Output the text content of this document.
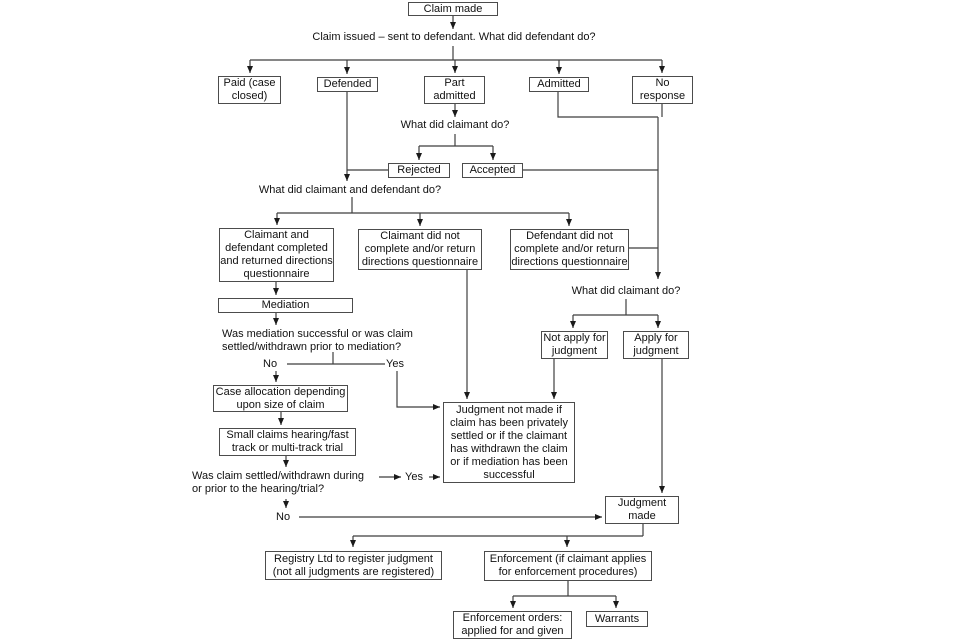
Claim made
Paid (case
closed)
Defended	Part
admitted
Admitted	No
response
Rejected	Accepted
Claimant and
defendant completed
and returned directions
questionnaire
Claimant did not
complete and/or return
directions questionnaire
Defendant did not
complete and/or return
directions questionnaire
Mediation
Case allocation depending
upon size of claim
Small claims hearing/fast
track or multi-track trial
Not apply for
judgment
Apply for
judgment
Judgment not made if
claim has been privately
settled or if the claimant
has withdrawn the claim
or if mediation has been
successful
Judgment
made
Registry Ltd to register judgment
(not all judgments are registered)
Enforcement (if claimant applies
for enforcement procedures)
Enforcement orders:
applied for and given
Warrants
Claim issued – sent to defendant. What did defendant do?
What did claimant do?
What did claimant and defendant do?
Was mediation successful or was claim
settled/withdrawn prior to mediation?
No	Yes
Was claim settled/withdrawn during
or prior to the hearing/trial?
Yes
No
What did claimant do?
